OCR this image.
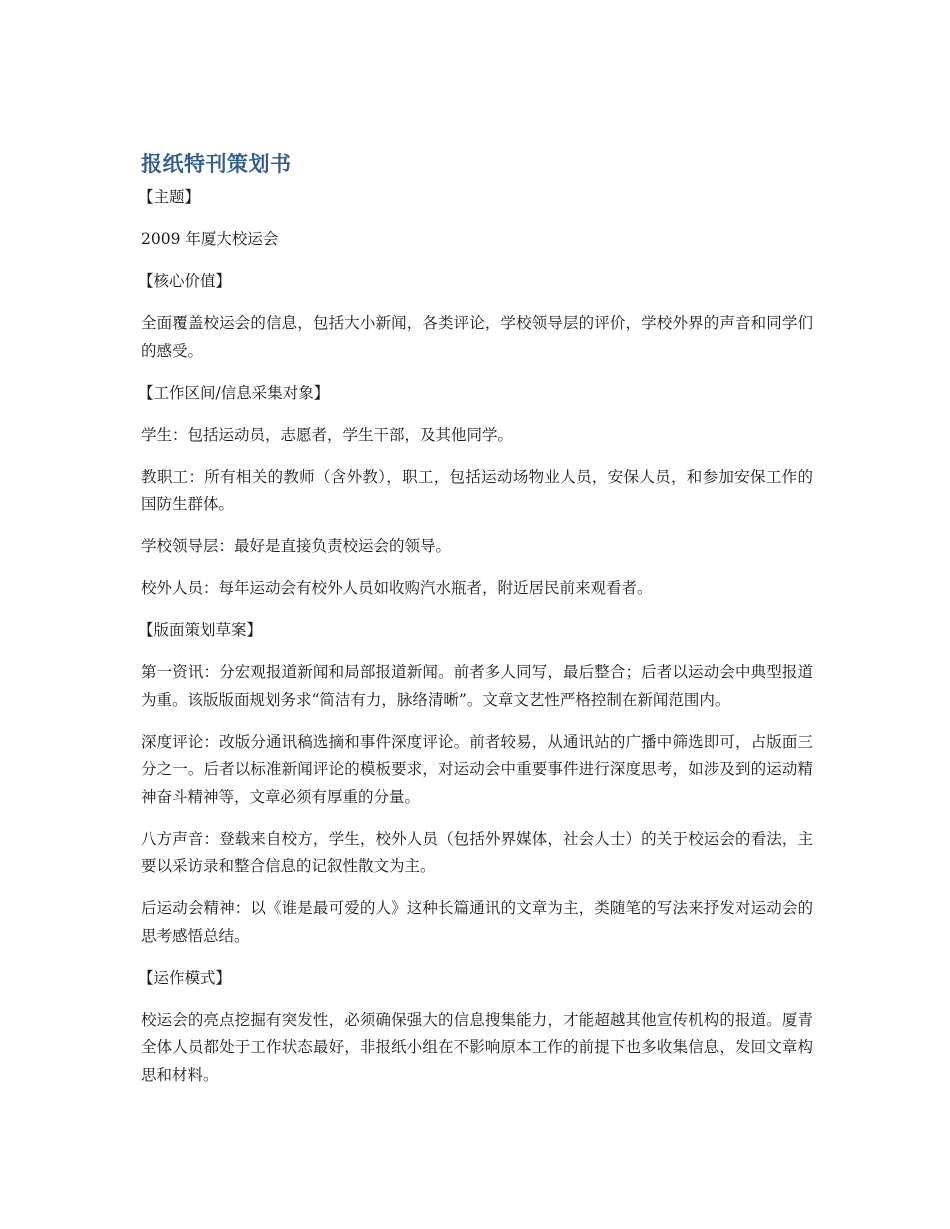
报纸特刊策划书

【主题】

2009 年厦大校运会

【核心价值】

全面覆盖校运会的信息，包括大小新闻，各类评论，学校领导层的评价，学校外界的声音和同学们的感受。

【工作区间/信息采集对象】

学生：包括运动员，志愿者，学生干部，及其他同学。

教职工：所有相关的教师（含外教），职工，包括运动场物业人员，安保人员，和参加安保工作的国防生群体。

学校领导层：最好是直接负责校运会的领导。

校外人员：每年运动会有校外人员如收购汽水瓶者，附近居民前来观看者。

【版面策划草案】

第一资讯：分宏观报道新闻和局部报道新闻。前者多人同写，最后整合；后者以运动会中典型报道为重。该版版面规划务求“简洁有力，脉络清晰”。文章文艺性严格控制在新闻范围内。

深度评论：改版分通讯稿选摘和事件深度评论。前者较易，从通讯站的广播中筛选即可，占版面三分之一。后者以标准新闻评论的模板要求，对运动会中重要事件进行深度思考，如涉及到的运动精神奋斗精神等，文章必须有厚重的分量。

八方声音：登载来自校方，学生，校外人员（包括外界媒体，社会人士）的关于校运会的看法，主要以采访录和整合信息的记叙性散文为主。

后运动会精神：以《谁是最可爱的人》这种长篇通讯的文章为主，类随笔的写法来抒发对运动会的思考感悟总结。

【运作模式】

校运会的亮点挖掘有突发性，必须确保强大的信息搜集能力，才能超越其他宣传机构的报道。厦青全体人员都处于工作状态最好，非报纸小组在不影响原本工作的前提下也多收集信息，发回文章构思和材料。
